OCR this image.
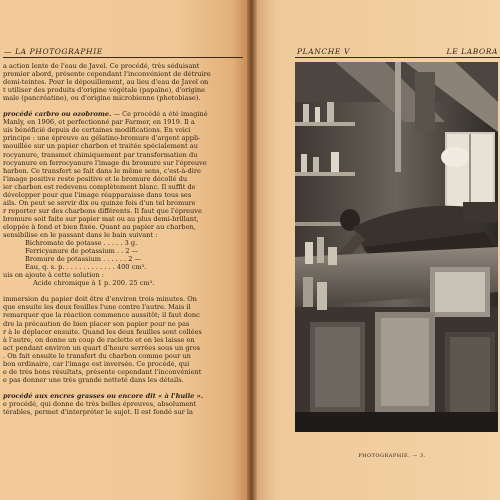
— LA PHOTOGRAPHIE
a action lente de l'eau de Javel. Ce procédé, très séduisant
premier abord, présente cependant l'inconvénient de détruire
demi-teintes. Pour le dépouillement, au lieu d'eau de Javel on
t utiliser des produits d'origine végétale (papaïne), d'origine
male (pancréatine), ou d'origine microbienne (photobiase).
procédé carbro ou ozobrome. — Ce procédé a été imaginé
Manly, en 1906, et perfectionné par Farmer, en 1919. Il a
uis bénéficié depuis de certaines modifications. En voici
principe : une épreuve au gélatino-bromure d'argent appli-
mouillée sur un papier charbon et traitée spécialement au
rocyanure, transmet chimiquement par transformation du
rocyanure en ferrocyanure l'image du bromure sur l'épreuve
harbon. Ce transfert se fait dans le même sens, c'est-à-dire
l'image positive reste positive et le bromure décollé du
ier charbon est redevenu complètement blanc. Il suffit de
développer pour que l'image réapparaisse dans tous ses
ails. On peut se servir dix ou quinze fois d'un tel bromure
r reporter sur des charbons différents. Il faut que l'épreuve
bromure soit faite sur papier mat ou au plus demi-brillant,
eloppée à fond et bien fixée. Quant au papier au charbon,
sensibilise en le passant dans le bain suivant :
Bichromate de potasse . . . . . 3 g.
Ferricyanure de potassium . . 2 —
Bromure de potassium . . . . . . 2 —
Eau, q. s. p. . . . . . . . . . . . . 400 cm³.
uis on ajoute à cette solution :
Acide chromique à 1 p. 200. 25 cm³.
immersion du papier doit être d'environ trois minutes. On
que ensuite les deux feuilles l'une contre l'autre. Mais il
remarquer que la réaction commence aussitôt; il faut donc
dre la précaution de bien placer son papier pour ne pas
r à le déplacer ensuite. Quand les deux feuilles sont collées
à l'autre, on donne un coup de raclette et on les laisse en
act pendant environ un quart d'heure serrées sous un gros
. On fait ensuite le transfert du charbon comme pour un
bon ordinaire, car l'image est inversée. Ce procédé, qui
e de très bons résultats, présente cependant l'inconvénient
e pas donner une très grande netteté dans les détails.
procédé aux encres grasses ou encore dit « à l'huile ».
e procédé, qui donne de très belles épreuves, absolument
térables, permet d'interpréter le sujet. Il est fondé sur la
PLANCHE V	LE LABORA
PHOTOGRAPHIE. — 3.
